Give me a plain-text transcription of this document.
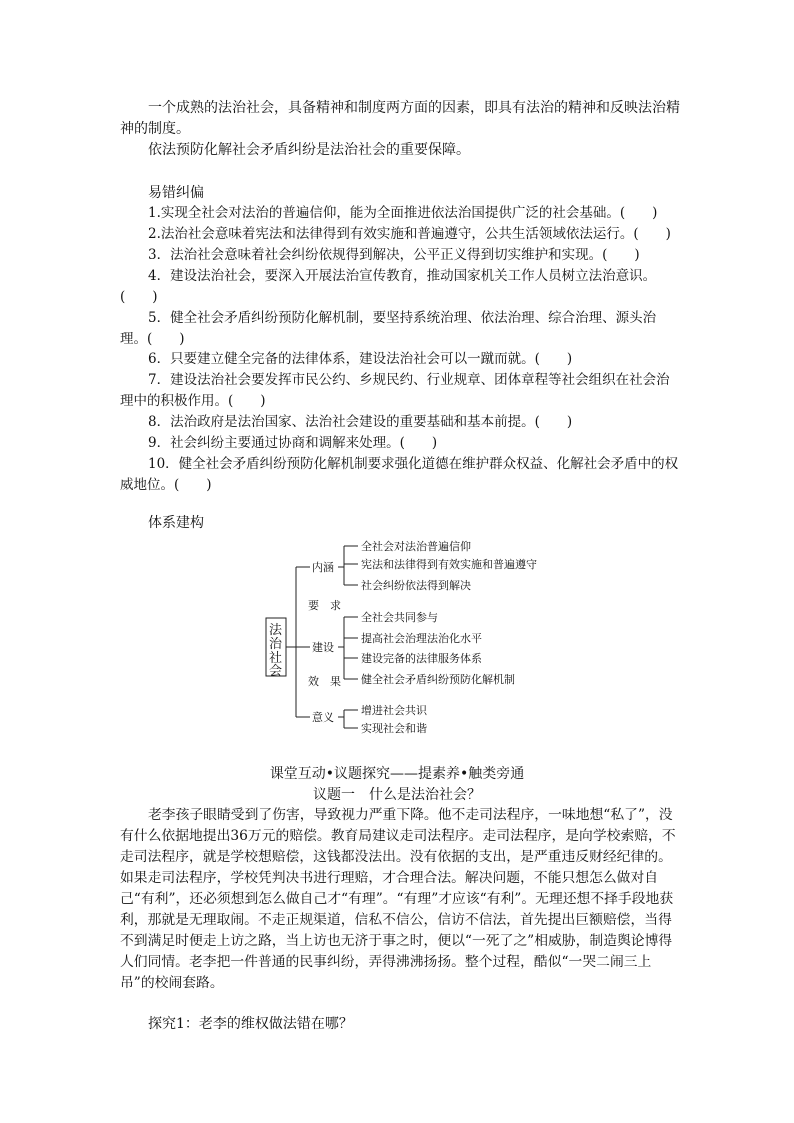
一个成熟的法治社会，具备精神和制度两方面的因素，即具有法治的精神和反映法治精神的制度。

依法预防化解社会矛盾纠纷是法治社会的重要保障。

易错纠偏

1.实现全社会对法治的普遍信仰，能为全面推进依法治国提供广泛的社会基础。(　　)

2.法治社会意味着宪法和法律得到有效实施和普遍遵守，公共生活领域依法运行。(　　)

3．法治社会意味着社会纠纷依规得到解决，公平正义得到切实维护和实现。(　　)

4．建设法治社会，要深入开展法治宣传教育，推动国家机关工作人员树立法治意识。(　　)

5．健全社会矛盾纠纷预防化解机制，要坚持系统治理、依法治理、综合治理、源头治理。(　　)

6．只要建立健全完备的法律体系，建设法治社会可以一蹴而就。(　　)

7．建设法治社会要发挥市民公约、乡规民约、行业规章、团体章程等社会组织在社会治理中的积极作用。(　　)

8．法治政府是法治国家、法治社会建设的重要基础和基本前提。(　　)

9．社会纠纷主要通过协商和调解来处理。(　　)

10．健全社会矛盾纠纷预防化解机制要求强化道德在维护群众权益、化解社会矛盾中的权威地位。(　　)

体系建构

法 治 社 会
内涵
要　求
建设
效　果
意义
全社会对法治普遍信仰
宪法和法律得到有效实施和普遍遵守
社会纠纷依法得到解决
全社会共同参与
提高社会治理法治化水平
建设完备的法律服务体系
健全社会矛盾纠纷预防化解机制
增进社会共识
实现社会和谐

课堂互动•议题探究——提素养•触类旁通

议题一　什么是法治社会？

老李孩子眼睛受到了伤害，导致视力严重下降。他不走司法程序，一味地想“私了”，没有什么依据地提出36万元的赔偿。教育局建议走司法程序。走司法程序，是向学校索赔，不走司法程序，就是学校想赔偿，这钱都没法出。没有依据的支出，是严重违反财经纪律的。如果走司法程序，学校凭判决书进行理赔，才合理合法。解决问题，不能只想怎么做对自己“有利”，还必须想到怎么做自己才“有理”。“有理”才应该“有利”。无理还想不择手段地获利，那就是无理取闹。不走正规渠道，信私不信公，信访不信法，首先提出巨额赔偿，当得不到满足时便走上访之路，当上访也无济于事之时，便以“一死了之”相威胁，制造舆论博得人们同情。老李把一件普通的民事纠纷，弄得沸沸扬扬。整个过程，酷似“一哭二闹三上吊”的校闹套路。

探究1：老李的维权做法错在哪？
